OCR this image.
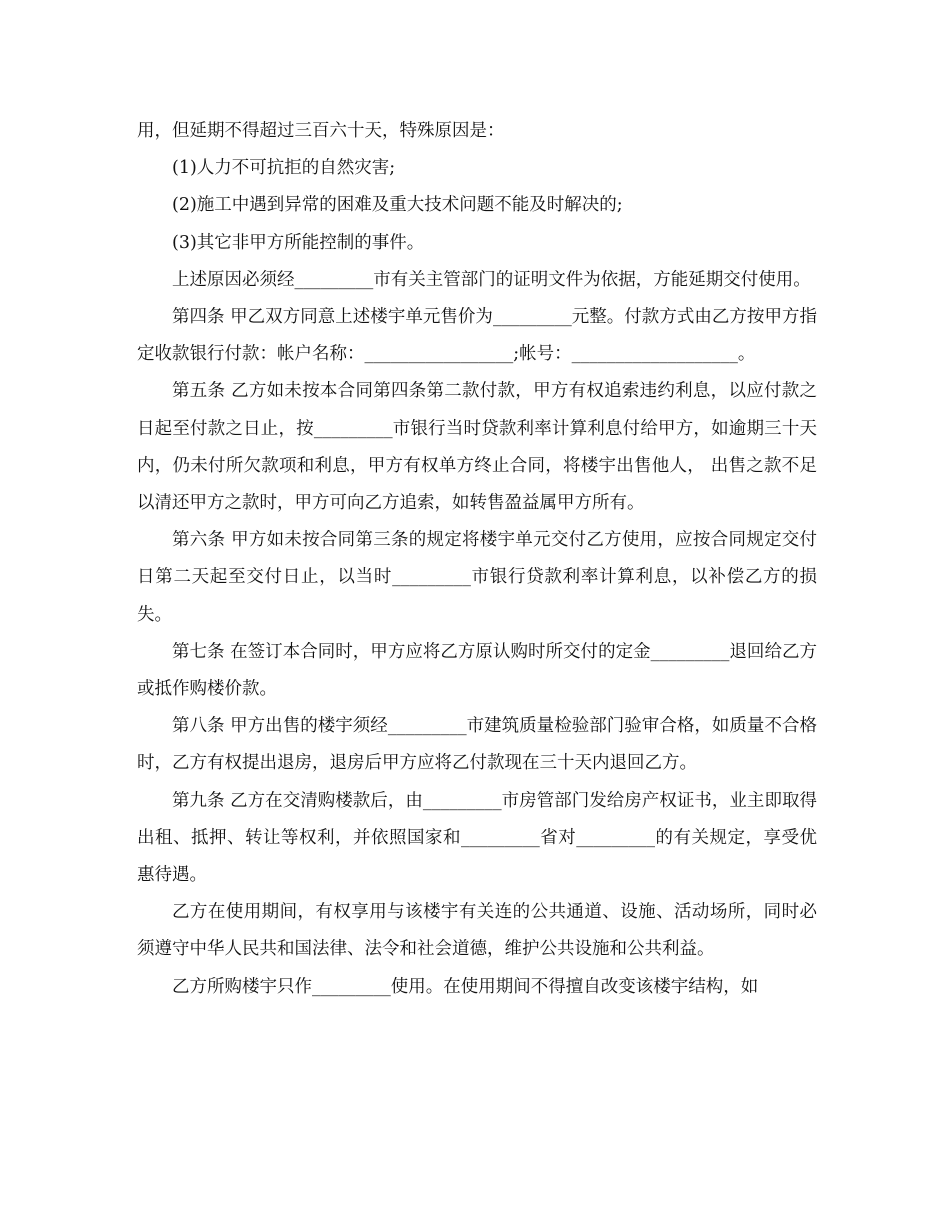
用，但延期不得超过三百六十天，特殊原因是：

(1)人力不可抗拒的自然灾害;

(2)施工中遇到异常的困难及重大技术问题不能及时解决的;

(3)其它非甲方所能控制的事件。

上述原因必须经_________市有关主管部门的证明文件为依据，方能延期交付使用。

第四条 甲乙双方同意上述楼宇单元售价为_________元整。付款方式由乙方按甲方指定收款银行付款：帐户名称：_________________;帐号：___________________。

第五条 乙方如未按本合同第四条第二款付款，甲方有权追索违约利息，以应付款之日起至付款之日止，按_________市银行当时贷款利率计算利息付给甲方，如逾期三十天内，仍未付所欠款项和利息，甲方有权单方终止合同，将楼宇出售他人， 出售之款不足以清还甲方之款时，甲方可向乙方追索，如转售盈益属甲方所有。

第六条 甲方如未按合同第三条的规定将楼宇单元交付乙方使用，应按合同规定交付日第二天起至交付日止，以当时_________市银行贷款利率计算利息，以补偿乙方的损失。

第七条 在签订本合同时，甲方应将乙方原认购时所交付的定金_________退回给乙方或抵作购楼价款。

第八条 甲方出售的楼宇须经_________市建筑质量检验部门验审合格，如质量不合格时，乙方有权提出退房，退房后甲方应将乙付款现在三十天内退回乙方。

第九条 乙方在交清购楼款后，由_________市房管部门发给房产权证书，业主即取得出租、抵押、转让等权利，并依照国家和_________省对_________的有关规定，享受优惠待遇。

乙方在使用期间，有权享用与该楼宇有关连的公共通道、设施、活动场所，同时必须遵守中华人民共和国法律、法令和社会道德，维护公共设施和公共利益。

乙方所购楼宇只作_________使用。在使用期间不得擅自改变该楼宇结构，如
